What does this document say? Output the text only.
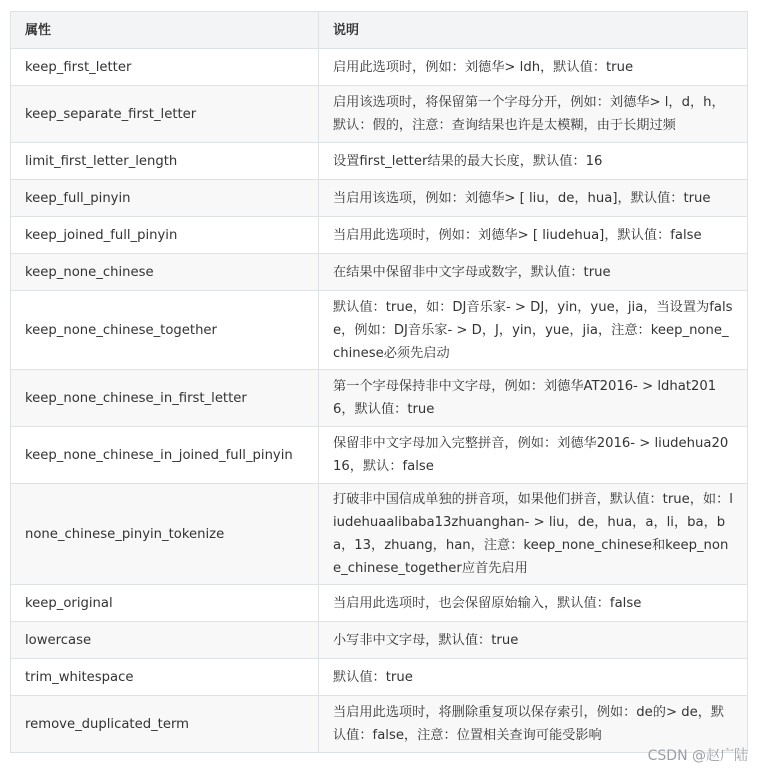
属性	说明
keep_first_letter	启用此选项时，例如：刘德华> ldh，默认值：true
keep_separate_first_letter	启用该选项时，将保留第一个字母分开，例如：刘德华> l，d，h，默认：假的，注意：查询结果也许是太模糊，由于长期过频
limit_first_letter_length	设置first_letter结果的最大长度，默认值：16
keep_full_pinyin	当启用该选项，例如：刘德华> [ liu，de，hua]，默认值：true
keep_joined_full_pinyin	当启用此选项时，例如：刘德华> [ liudehua]，默认值：false
keep_none_chinese	在结果中保留非中文字母或数字，默认值：true
keep_none_chinese_together	默认值：true，如：DJ音乐家- > DJ，yin，yue，jia，当设置为false，例如：DJ音乐家- > D，J，yin，yue，jia，注意：keep_none_chinese必须先启动
keep_none_chinese_in_first_letter	第一个字母保持非中文字母，例如：刘德华AT2016- > ldhat2016，默认值：true
keep_none_chinese_in_joined_full_pinyin	保留非中文字母加入完整拼音，例如：刘德华2016- > liudehua2016，默认：false
none_chinese_pinyin_tokenize	打破非中国信成单独的拼音项，如果他们拼音，默认值：true，如：liudehuaalibaba13zhuanghan- > liu，de，hua，a，li，ba，ba，13，zhuang，han，注意：keep_none_chinese和keep_none_chinese_together应首先启用
keep_original	当启用此选项时，也会保留原始输入，默认值：false
lowercase	小写非中文字母，默认值：true
trim_whitespace	默认值：true
remove_duplicated_term	当启用此选项时，将删除重复项以保存索引，例如：de的> de，默认值：false，注意：位置相关查询可能受影响
CSDN @赵广陆
